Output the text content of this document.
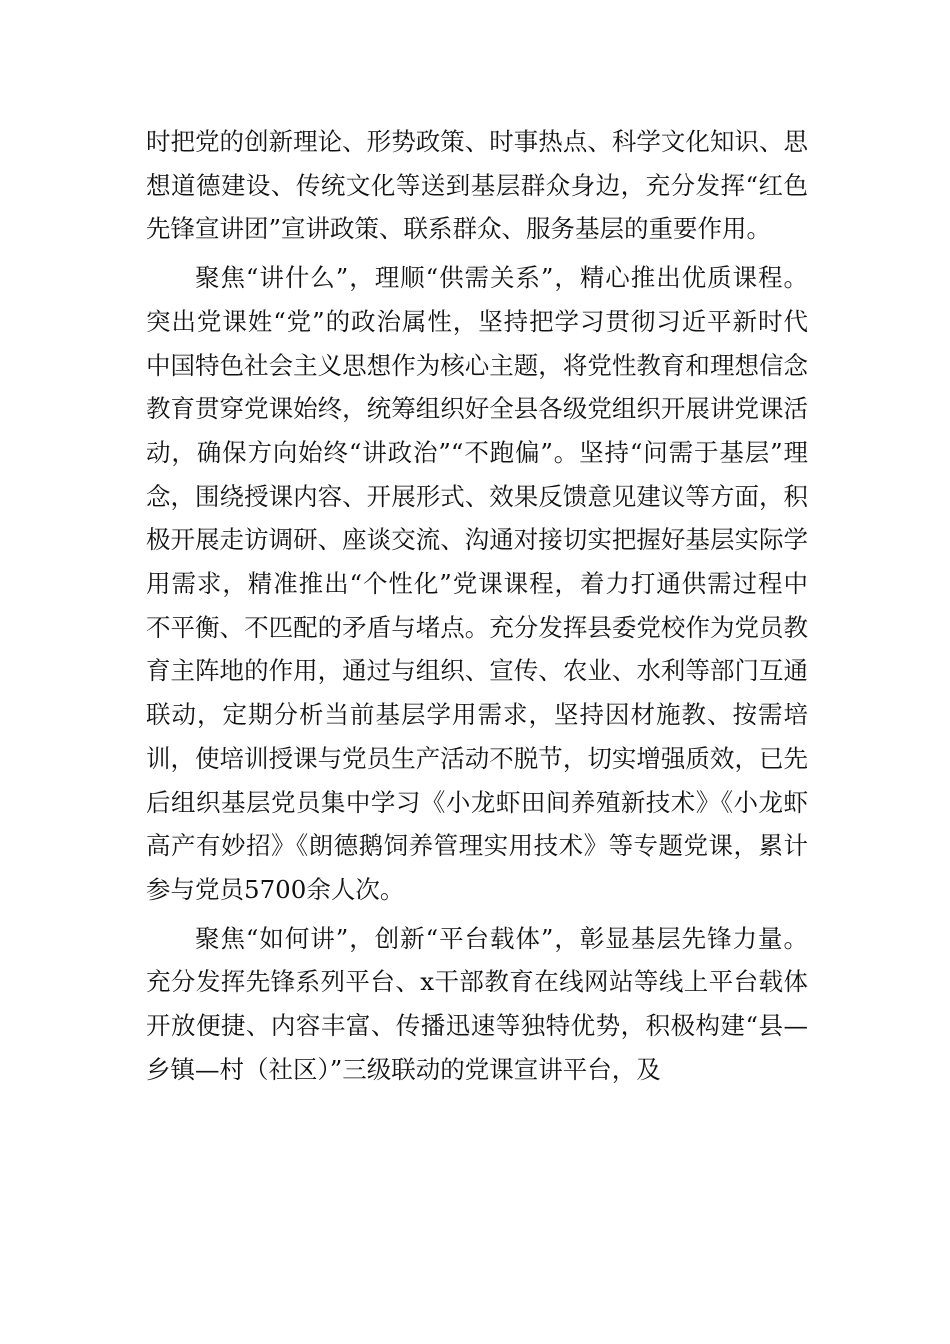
时把党的创新理论、形势政策、时事热点、科学文化知识、思想道德建设、传统文化等送到基层群众身边，充分发挥“红色先锋宣讲团”宣讲政策、联系群众、服务基层的重要作用。

聚焦“讲什么”，理顺“供需关系”，精心推出优质课程。突出党课姓“党”的政治属性，坚持把学习贯彻习近平新时代中国特色社会主义思想作为核心主题，将党性教育和理想信念教育贯穿党课始终，统筹组织好全县各级党组织开展讲党课活动，确保方向始终“讲政治”“不跑偏”。坚持“问需于基层”理念，围绕授课内容、开展形式、效果反馈意见建议等方面，积极开展走访调研、座谈交流、沟通对接切实把握好基层实际学用需求，精准推出“个性化”党课课程，着力打通供需过程中不平衡、不匹配的矛盾与堵点。充分发挥县委党校作为党员教育主阵地的作用，通过与组织、宣传、农业、水利等部门互通联动，定期分析当前基层学用需求，坚持因材施教、按需培训，使培训授课与党员生产活动不脱节，切实增强质效，已先后组织基层党员集中学习《小龙虾田间养殖新技术》《小龙虾高产有妙招》《朗德鹅饲养管理实用技术》等专题党课，累计参与党员5700余人次。

聚焦“如何讲”，创新“平台载体”，彰显基层先锋力量。充分发挥先锋系列平台、x干部教育在线网站等线上平台载体开放便捷、内容丰富、传播迅速等独特优势，积极构建“县—乡镇—村（社区）”三级联动的党课宣讲平台，及
